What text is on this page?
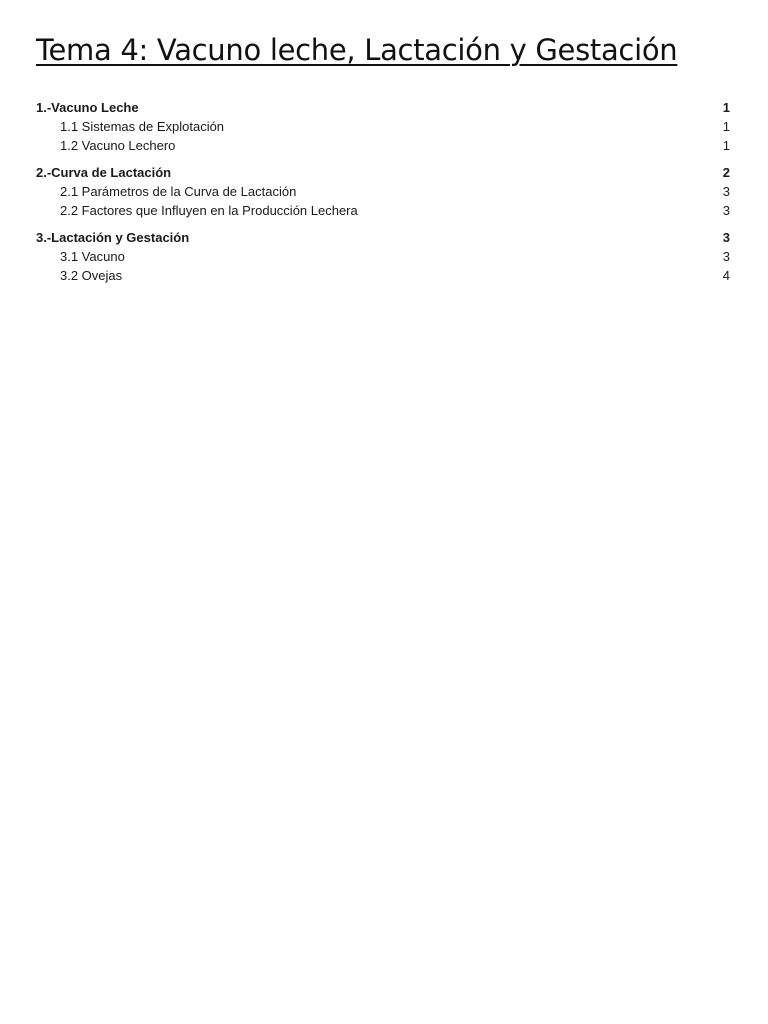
Tema 4: Vacuno leche, Lactación y Gestación
1.-Vacuno Leche	1
1.1 Sistemas de Explotación	1
1.2 Vacuno Lechero	1
2.-Curva de Lactación	2
2.1 Parámetros de la Curva de Lactación	3
2.2 Factores que Influyen en la Producción Lechera	3
3.-Lactación y Gestación	3
3.1 Vacuno	3
3.2 Ovejas	4
